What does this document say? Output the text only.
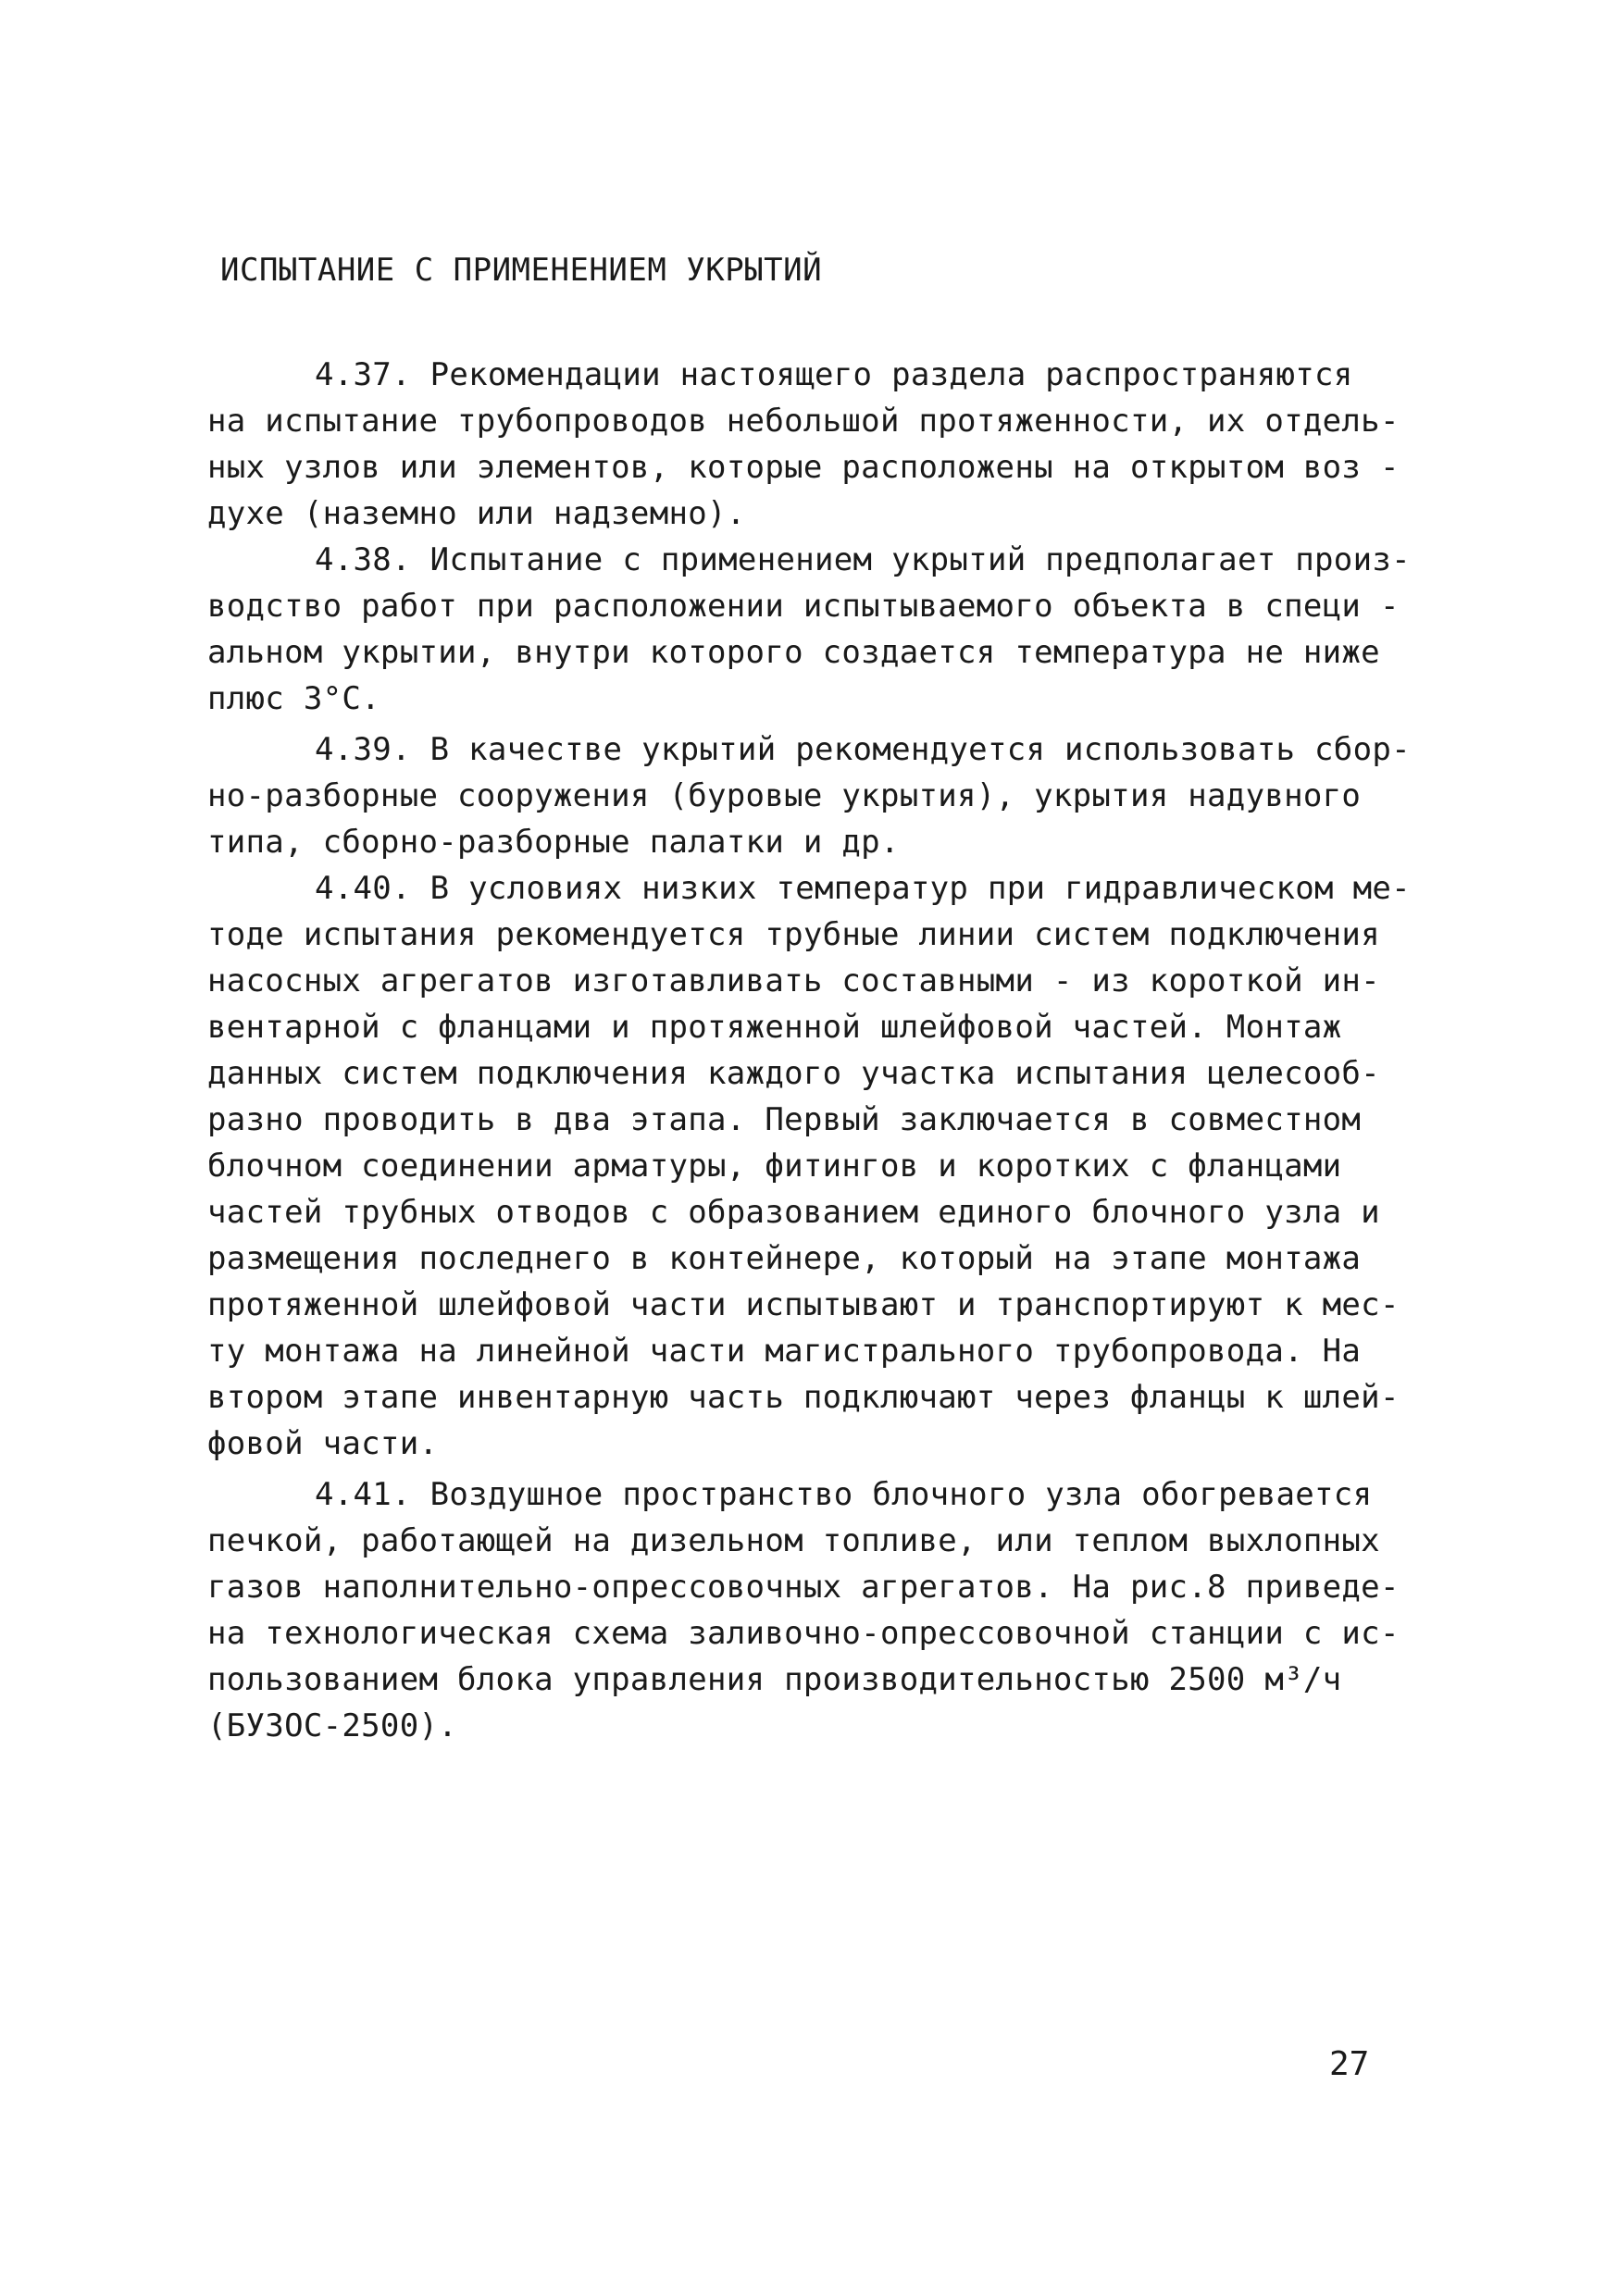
ИСПЫТАНИЕ С ПРИМЕНЕНИЕМ УКРЫТИЙ
4.37. Рекомендации настоящего раздела распространяются
на испытание трубопроводов небольшой протяженности, их отдель-
ных узлов или элементов, которые расположены на открытом воз -
духе (наземно или надземно).
4.38. Испытание с применением укрытий предполагает произ-
водство работ при расположении испытываемого объекта в специ -
альном укрытии, внутри которого создается температура не ниже
плюс 3°С.
4.39. В качестве укрытий рекомендуется использовать сбор-
но-разборные сооружения (буровые укрытия), укрытия надувного
типа, сборно-разборные палатки и др.
4.40. В условиях низких температур при гидравлическом ме-
тоде испытания рекомендуется трубные линии систем подключения
насосных агрегатов изготавливать составными - из короткой ин-
вентарной с фланцами и протяженной шлейфовой частей. Монтаж
данных систем подключения каждого участка испытания целесооб-
разно проводить в два этапа. Первый заключается в совместном
блочном соединении арматуры, фитингов и коротких с фланцами
частей трубных отводов с образованием единого блочного узла и
размещения последнего в контейнере, который на этапе монтажа
протяженной шлейфовой части испытывают и транспортируют к мес-
ту монтажа на линейной части магистрального трубопровода. На
втором этапе инвентарную часть подключают через фланцы к шлей-
фовой части.
4.41. Воздушное пространство блочного узла обогревается
печкой, работающей на дизельном топливе, или теплом выхлопных
газов наполнительно-опрессовочных агрегатов. На рис.8 приведе-
на технологическая схема заливочно-опрессовочной станции с ис-
пользованием блока управления производительностью 2500 м³/ч
(БУЗОС-2500).
27
